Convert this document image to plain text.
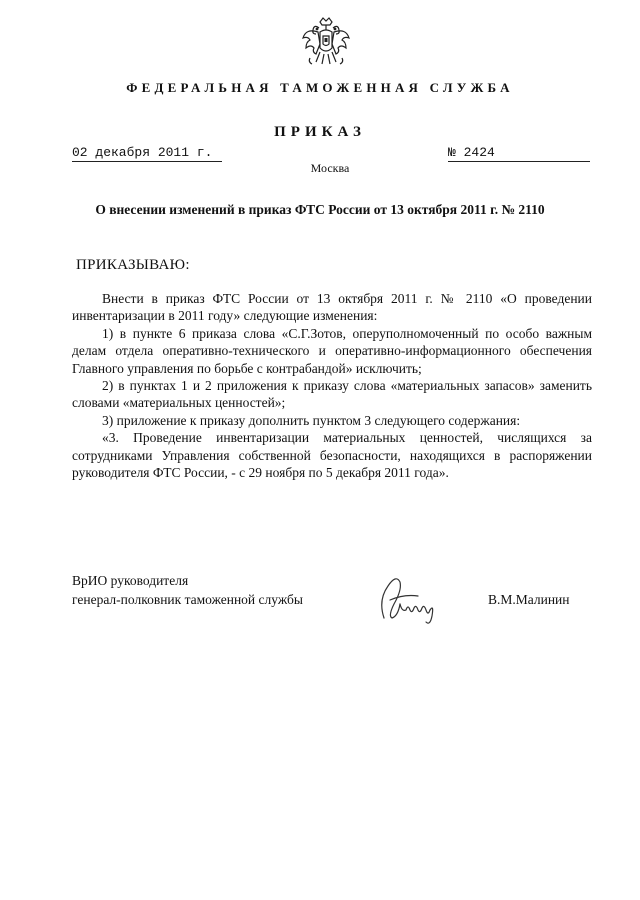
ФЕДЕРАЛЬНАЯ ТАМОЖЕННАЯ СЛУЖБА
ПРИКАЗ
02 декабря 2011 г.	№ 2424
Москва
О внесении изменений в приказ ФТС России от 13 октября 2011 г. № 2110
ПРИКАЗЫВАЮ:

Внести в приказ ФТС России от 13 октября 2011 г. № 2110 «О проведении инвентаризации в 2011 году» следующие изменения:

1) в пункте 6 приказа слова «С.Г.Зотов, оперуполномоченный по особо важным делам отдела оперативно-технического и оперативно-информационного обеспечения Главного управления по борьбе с контрабандой» исключить;

2) в пунктах 1 и 2 приложения к приказу слова «материальных запасов» заменить словами «материальных ценностей»;

3) приложение к приказу дополнить пунктом 3 следующего содержания:

«3. Проведение инвентаризации материальных ценностей, числящихся за сотрудниками Управления собственной безопасности, находящихся в распоряжении руководителя ФТС России, - с 29 ноября по 5 декабря 2011 года».

ВрИО руководителя
генерал-полковник таможенной службы	В.М.Малинин
